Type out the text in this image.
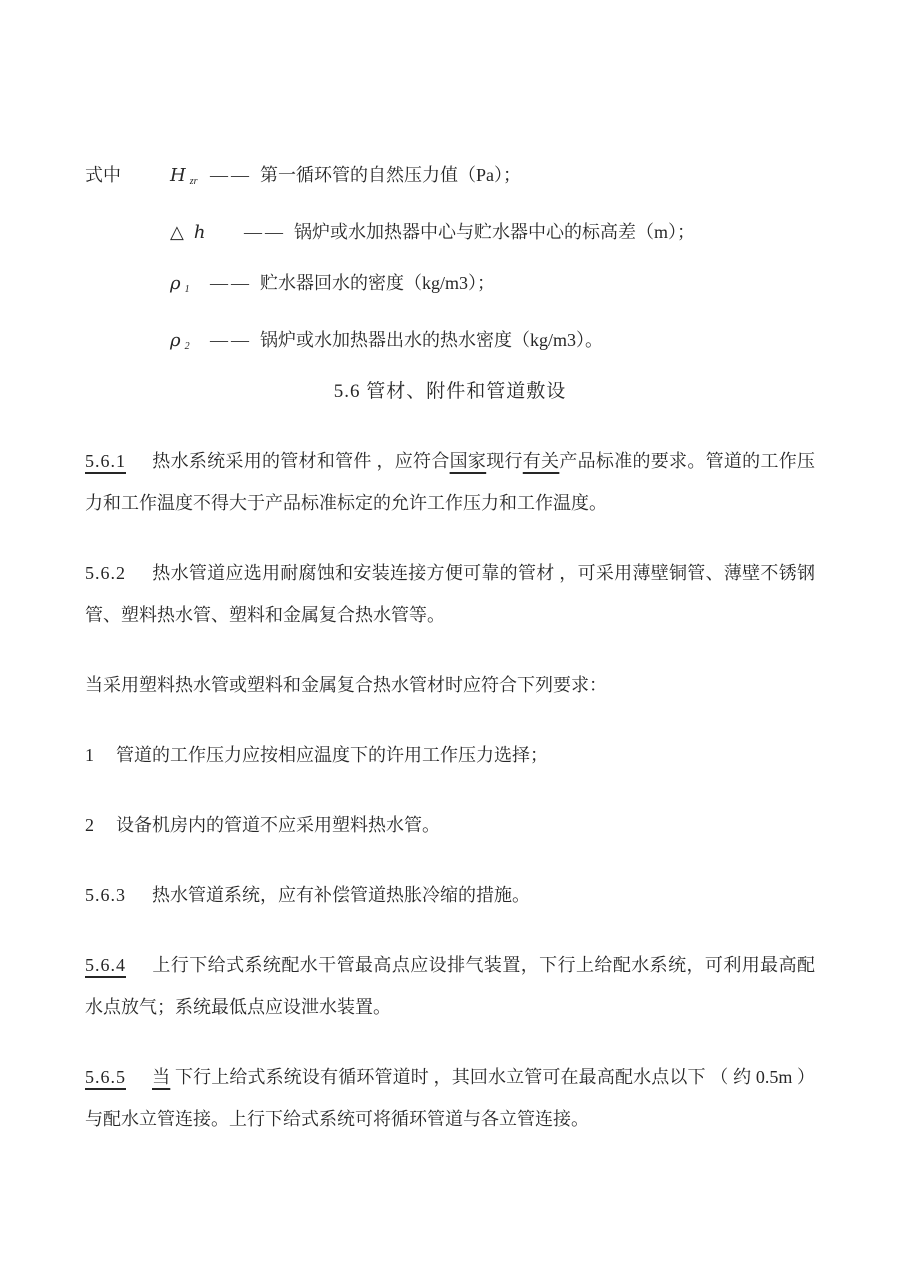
式中	H $_{zr}$ —— 第一循环管的自然压力值（Pa）；
△ h —— 锅炉或水加热器中心与贮水器中心的标高差（m）；
ρ $_1$ —— 贮水器回水的密度（kg/m3）；
ρ $_2$ —— 锅炉或水加热器出水的热水密度（kg/m3）。
5.6 管材、附件和管道敷设

5.6.1 热水系统采用的管材和管件 ，应符合国家现行有关产品标准的要求。管道的工作压力和工作温度不得大于产品标准标定的允许工作压力和工作温度。

5.6.2 热水管道应选用耐腐蚀和安装连接方便可靠的管材 ，可采用薄壁铜管、薄壁不锈钢管、塑料热水管、塑料和金属复合热水管等。

当采用塑料热水管或塑料和金属复合热水管材时应符合下列要求：

1 管道的工作压力应按相应温度下的许用工作压力选择；

2 设备机房内的管道不应采用塑料热水管。

5.6.3 热水管道系统，应有补偿管道热胀冷缩的措施。

5.6.4 上行下给式系统配水干管最高点应设排气装置，下行上给配水系统，可利用最高配水点放气；系统最低点应设泄水装置。

5.6.5 当 下行上给式系统设有循环管道时 ，其回水立管可在最高配水点以下 （ 约 0.5m ） 与配水立管连接。上行下给式系统可将循环管道与各立管连接。
